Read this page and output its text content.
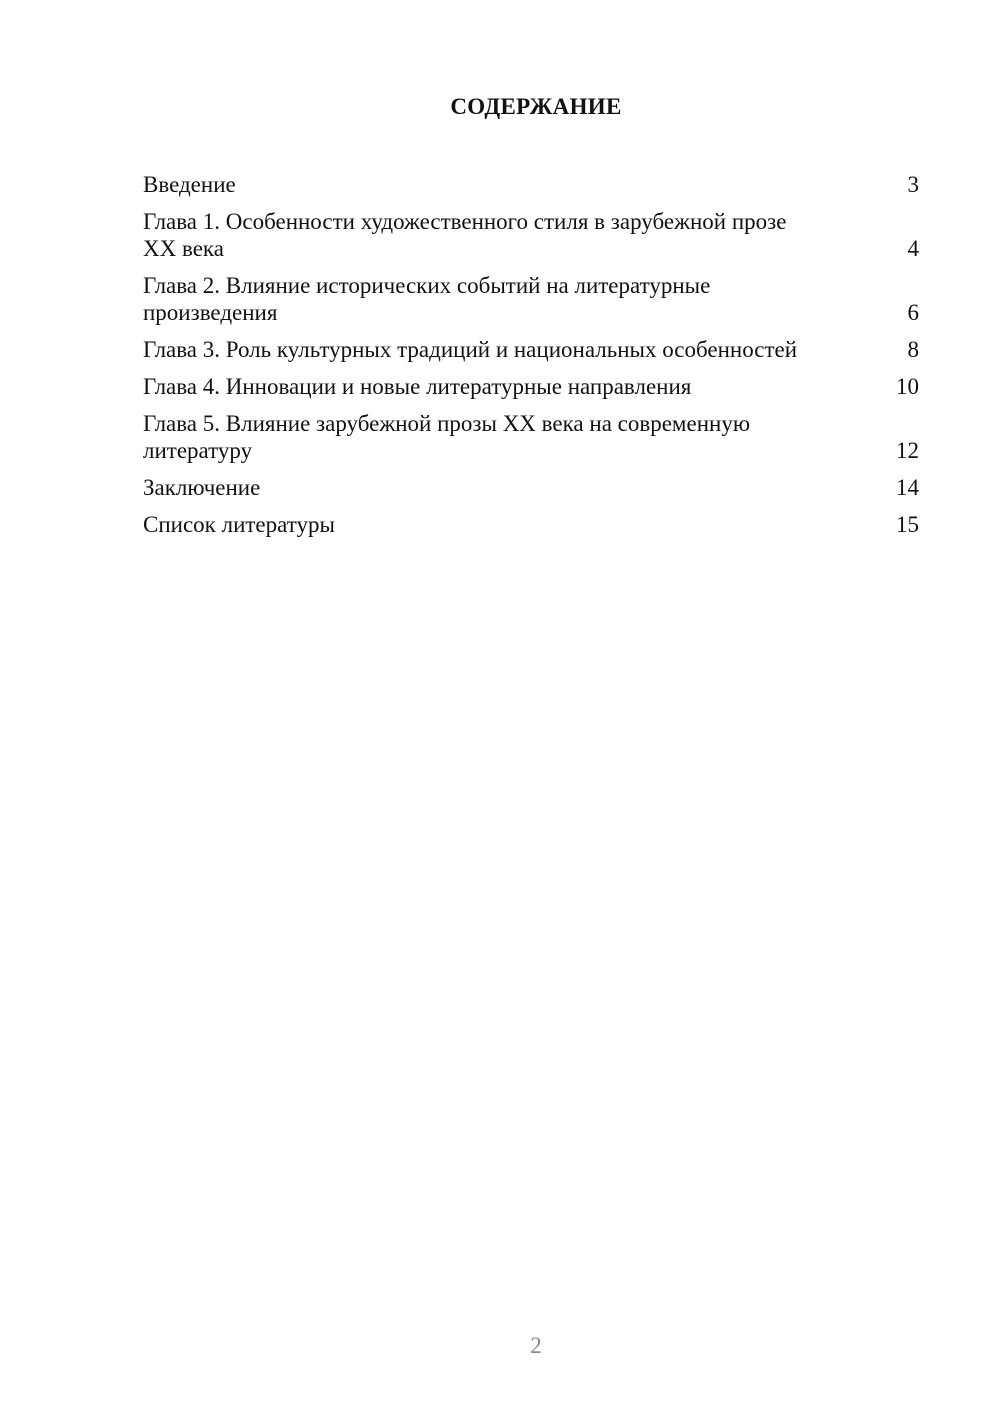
СОДЕРЖАНИЕ
Введение	3
Глава 1. Особенности художественного стиля в зарубежной прозе XX века	4
Глава 2. Влияние исторических событий на литературные произведения	6
Глава 3. Роль культурных традиций и национальных особенностей	8
Глава 4. Инновации и новые литературные направления	10
Глава 5. Влияние зарубежной прозы XX века на современную литературу	12
Заключение	14
Список литературы	15
2
